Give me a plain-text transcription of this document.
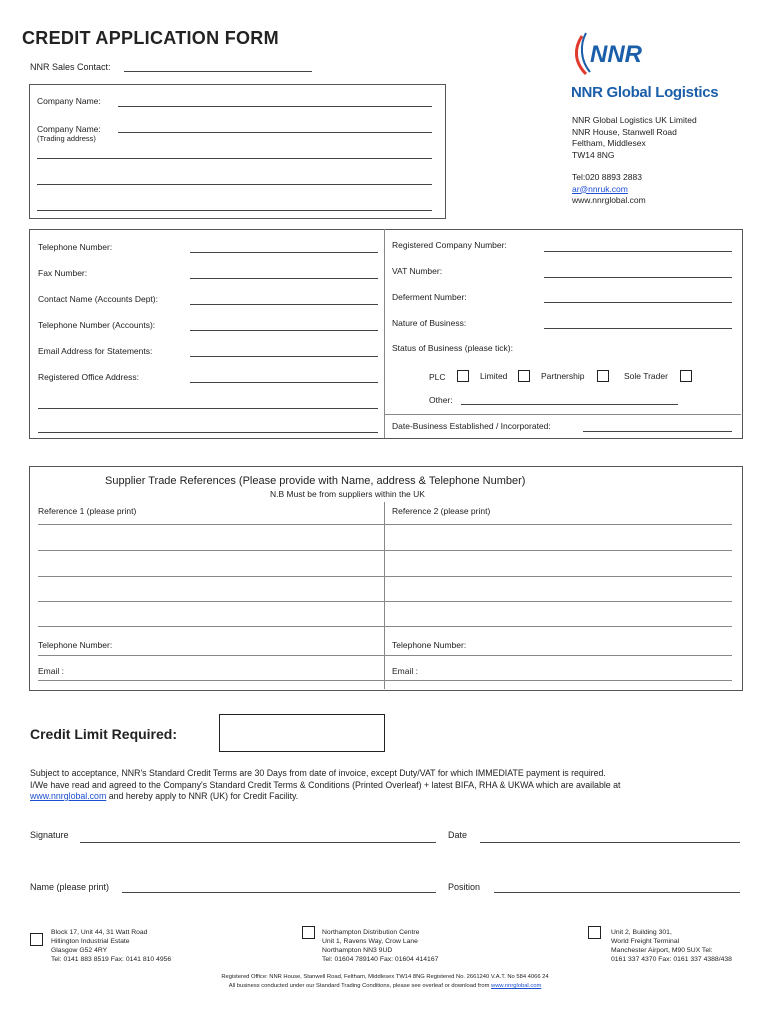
CREDIT APPLICATION FORM
NNR Sales Contact:	NNR
NNR Global Logistics
NNR Global Logistics UK Limited
NNR House, Stanwell Road
Feltham, Middlesex
TW14 8NG
Tel:020 8893 2883
ar@nnruk.com
www.nnrglobal.com
Company Name:
Company Name:
(Trading address)
Telephone Number:
Fax Number:
Contact Name (Accounts Dept):
Telephone Number (Accounts):
Email Address for Statements:
Registered Office Address:
Registered Company Number:
VAT Number:
Deferment Number:
Nature of Business:
Status of Business (please tick):
PLC	Limited	Partnership	Sole Trader
Other:
Date-Business Established / Incorporated:
Supplier Trade References (Please provide with Name, address & Telephone Number)
N.B Must be from suppliers within the UK
Reference 1 (please print)	Reference 2 (please print)
Telephone Number:	Telephone Number:
Email :	Email :
Credit Limit Required:
Subject to acceptance, NNR's Standard Credit Terms are 30 Days from date of invoice, except Duty/VAT for which IMMEDIATE payment is required.
I/We have read and agreed to the Company's Standard Credit Terms & Conditions (Printed Overleaf) + latest BIFA, RHA & UKWA which are available at
www.nnrglobal.com and hereby apply to NNR (UK) for Credit Facility.
Signature	Date
Name (please print)	Position
Block 17, Unit 44, 31 Watt Road
Hillington Industrial Estate
Glasgow G52 4RY
Tel: 0141 883 8519 Fax: 0141 810 4956
Northampton Distribution Centre
Unit 1, Ravens Way, Crow Lane
Northampton NN3 9UD
Tel: 01604 789140 Fax: 01604 414167
Unit 2, Building 301,
World Freight Terminal
Manchester Airport, M90 5UX Tel:
0161 337 4370 Fax: 0161 337 4388/438
Registered Office: NNR House, Stanwell Road, Feltham, Middlesex TW14 8NG Registered No. 2661240 V.A.T. No 584 4066 24
All business conducted under our Standard Trading Conditions, please see overleaf or download from www.nnrglobal.com
